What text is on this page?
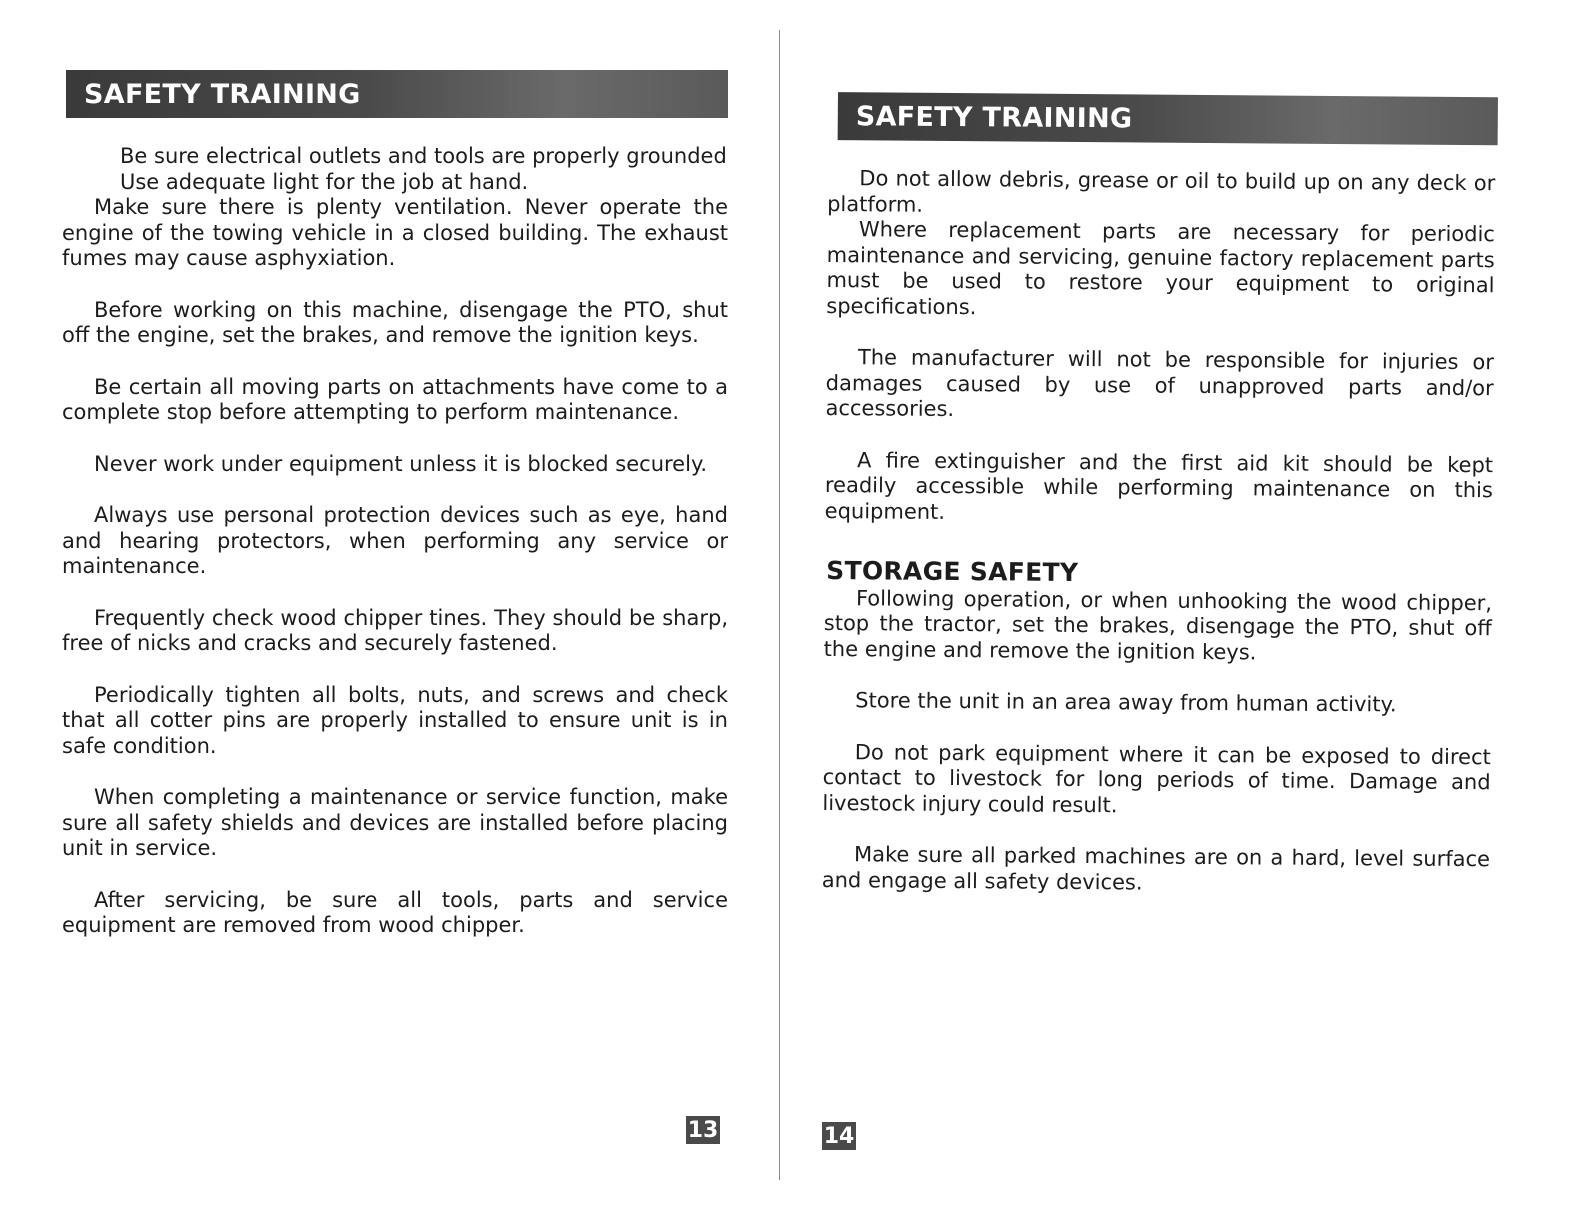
SAFETY TRAINING

Be sure electrical outlets and tools are properly grounded

Use adequate light for the job at hand.

Make sure there is plenty ventilation. Never operate the engine of the towing vehicle in a closed building. The exhaust fumes may cause asphyxiation.

Before working on this machine, disengage the PTO, shut off the engine, set the brakes, and remove the ignition keys.

Be certain all moving parts on attachments have come to a complete stop before attempting to perform maintenance.

Never work under equipment unless it is blocked securely.

Always use personal protection devices such as eye, hand and hearing protectors, when performing any service or maintenance.

Frequently check wood chipper tines. They should be sharp, free of nicks and cracks and securely fastened.

Periodically tighten all bolts, nuts, and screws and check that all cotter pins are properly installed to ensure unit is in safe condition.

When completing a maintenance or service function, make sure all safety shields and devices are installed before placing unit in service.

After servicing, be sure all tools, parts and service equipment are removed from wood chipper.

13
SAFETY TRAINING

Do not allow debris, grease or oil to build up on any deck or platform.

Where replacement parts are necessary for periodic maintenance and servicing, genuine factory replacement parts must be used to restore your equipment to original specifications.

The manufacturer will not be responsible for injuries or damages caused by use of unapproved parts and/or accessories.

A fire extinguisher and the first aid kit should be kept readily accessible while performing maintenance on this equipment.

STORAGE SAFETY

Following operation, or when unhooking the wood chipper, stop the tractor, set the brakes, disengage the PTO, shut off the engine and remove the ignition keys.

Store the unit in an area away from human activity.

Do not park equipment where it can be exposed to direct contact to livestock for long periods of time. Damage and livestock injury could result.

Make sure all parked machines are on a hard, level surface and engage all safety devices.

14
